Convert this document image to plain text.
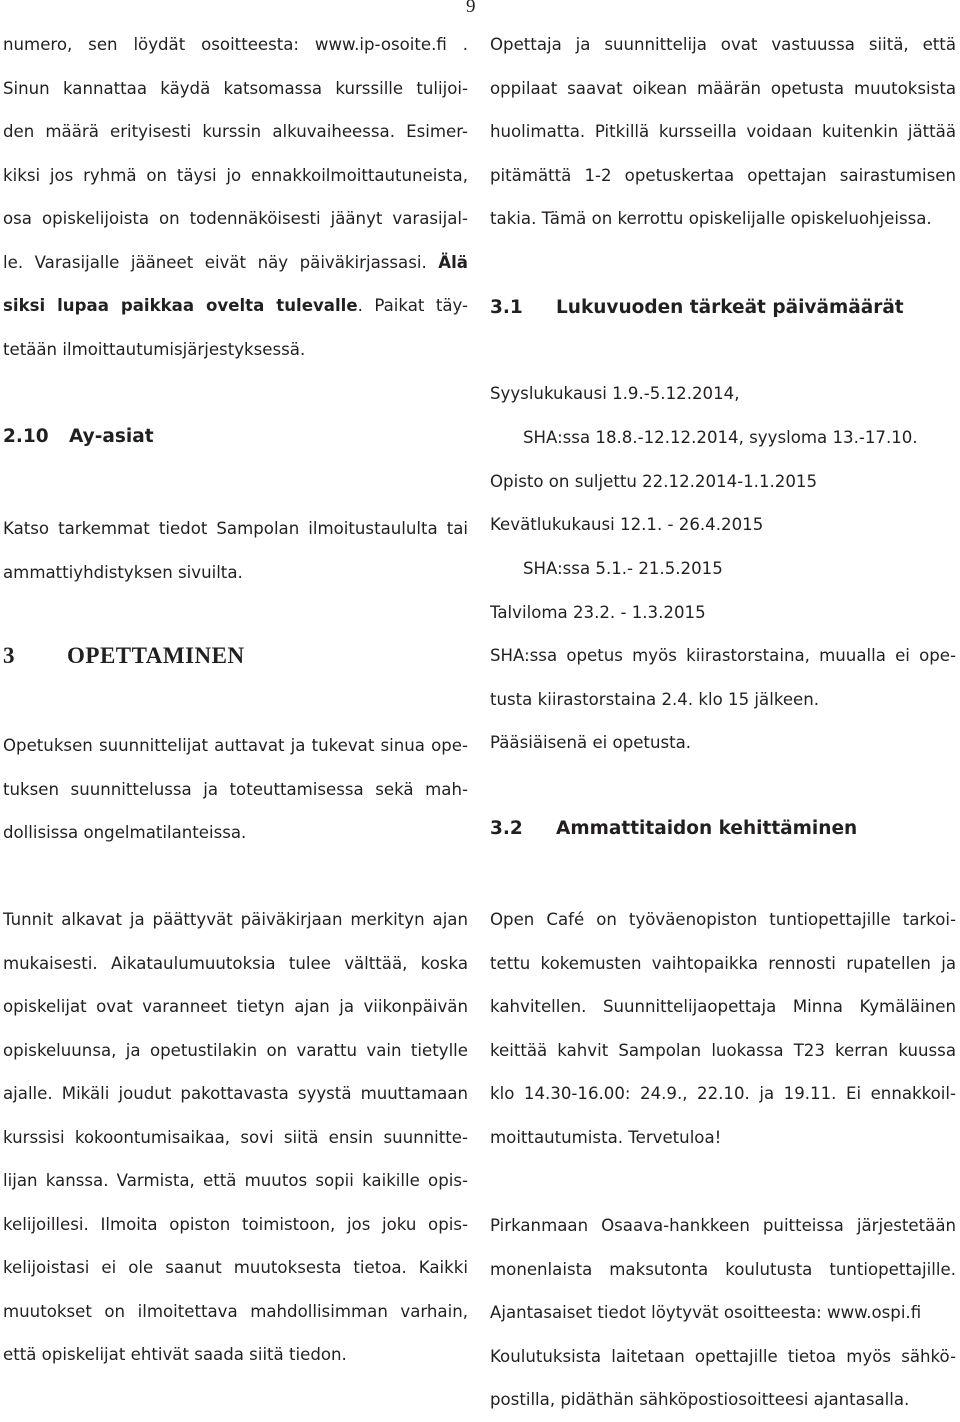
9
numero, sen löydät osoitteesta: www.ip-osoite.fi .
Sinun kannattaa käydä katsomassa kurssille tulijoi-
den määrä erityisesti kurssin alkuvaiheessa. Esimer-
kiksi jos ryhmä on täysi jo ennakkoilmoittautuneista,
osa opiskelijoista on todennäköisesti jäänyt varasijal-
le. Varasijalle jääneet eivät näy päiväkirjassasi. Älä
siksi lupaa paikkaa ovelta tulevalle. Paikat täy-
tetään ilmoittautumisjärjestyksessä.
2.10 Ay-asiat
Katso tarkemmat tiedot Sampolan ilmoitustaululta tai
ammattiyhdistyksen sivuilta.
3 OPETTAMINEN
Opetuksen suunnittelijat auttavat ja tukevat sinua ope-
tuksen suunnittelussa ja toteuttamisessa sekä mah-
dollisissa ongelmatilanteissa.
Opettaja ja suunnittelija ovat vastuussa siitä, että
oppilaat saavat oikean määrän opetusta muutoksista
huolimatta. Pitkillä kursseilla voidaan kuitenkin jättää
pitämättä 1-2 opetuskertaa opettajan sairastumisen
takia. Tämä on kerrottu opiskelijalle opiskeluohjeissa.
3.1 Lukuvuoden tärkeät päivämäärät
Syyslukukausi 1.9.-5.12.2014,
SHA:ssa 18.8.-12.12.2014, syysloma 13.-17.10.
Opisto on suljettu 22.12.2014-1.1.2015
Kevätlukukausi 12.1. - 26.4.2015
SHA:ssa 5.1.- 21.5.2015
Talviloma 23.2. - 1.3.2015
SHA:ssa opetus myös kiirastorstaina, muualla ei ope-
tusta kiirastorstaina 2.4. klo 15 jälkeen.
Pääsiäisenä ei opetusta.
3.2 Ammattitaidon kehittäminen
Tunnit alkavat ja päättyvät päiväkirjaan merkityn ajan
mukaisesti. Aikataulumuutoksia tulee välttää, koska
opiskelijat ovat varanneet tietyn ajan ja viikonpäivän
opiskeluunsa, ja opetustilakin on varattu vain tietylle
ajalle. Mikäli joudut pakottavasta syystä muuttamaan
kurssisi kokoontumisaikaa, sovi siitä ensin suunnitte-
lijan kanssa. Varmista, että muutos sopii kaikille opis-
kelijoillesi. Ilmoita opiston toimistoon, jos joku opis-
kelijoistasi ei ole saanut muutoksesta tietoa. Kaikki
muutokset on ilmoitettava mahdollisimman varhain,
että opiskelijat ehtivät saada siitä tiedon.
Open Café on työväenopiston tuntiopettajille tarkoi-
tettu kokemusten vaihtopaikka rennosti rupatellen ja
kahvitellen. Suunnittelijaopettaja Minna Kymäläinen
keittää kahvit Sampolan luokassa T23 kerran kuussa
klo 14.30-16.00: 24.9., 22.10. ja 19.11. Ei ennakkoil-
moittautumista. Tervetuloa!
Pirkanmaan Osaava-hankkeen puitteissa järjestetään
monenlaista maksutonta koulutusta tuntiopettajille.
Ajantasaiset tiedot löytyvät osoitteesta: www.ospi.fi
Koulutuksista laitetaan opettajille tietoa myös sähkö-
postilla, pidäthän sähköpostiosoitteesi ajantasalla.
